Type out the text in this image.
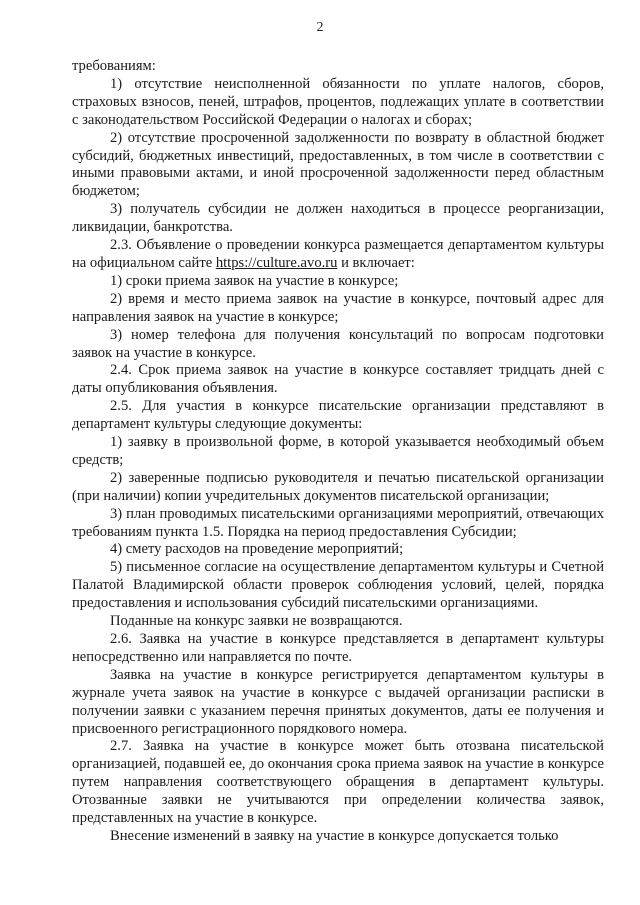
2

требованиям:

1) отсутствие неисполненной обязанности по уплате налогов, сборов, страховых взносов, пеней, штрафов, процентов, подлежащих уплате в соответствии с законодательством Российской Федерации о налогах и сборах;

2) отсутствие просроченной задолженности по возврату в областной бюджет субсидий, бюджетных инвестиций, предоставленных, в том числе в соответствии с иными правовыми актами, и иной просроченной задолженности перед областным бюджетом;

3) получатель субсидии не должен находиться в процессе реорганизации, ликвидации, банкротства.

2.3. Объявление о проведении конкурса размещается департаментом культуры на официальном сайте https://culture.avo.ru и включает:

1) сроки приема заявок на участие в конкурсе;

2) время и место приема заявок на участие в конкурсе, почтовый адрес для направления заявок на участие в конкурсе;

3) номер телефона для получения консультаций по вопросам подготовки заявок на участие в конкурсе.

2.4. Срок приема заявок на участие в конкурсе составляет тридцать дней с даты опубликования объявления.

2.5. Для участия в конкурсе писательские организации представляют в департамент культуры следующие документы:

1) заявку в произвольной форме, в которой указывается необходимый объем средств;

2) заверенные подписью руководителя и печатью писательской организации (при наличии) копии учредительных документов писательской организации;

3) план проводимых писательскими организациями мероприятий, отвечающих требованиям пункта 1.5. Порядка на период предоставления Субсидии;

4) смету расходов на проведение мероприятий;

5) письменное согласие на осуществление департаментом культуры и Счетной Палатой Владимирской области проверок соблюдения условий, целей, порядка предоставления и использования субсидий писательскими организациями.

Поданные на конкурс заявки не возвращаются.

2.6. Заявка на участие в конкурсе представляется в департамент культуры непосредственно или направляется по почте.

Заявка на участие в конкурсе регистрируется департаментом культуры в журнале учета заявок на участие в конкурсе с выдачей организации расписки в получении заявки с указанием перечня принятых документов, даты ее получения и присвоенного регистрационного порядкового номера.

2.7. Заявка на участие в конкурсе может быть отозвана писательской организацией, подавшей ее, до окончания срока приема заявок на участие в конкурсе путем направления соответствующего обращения в департамент культуры. Отозванные заявки не учитываются при определении количества заявок, представленных на участие в конкурсе.

Внесение изменений в заявку на участие в конкурсе допускается только
